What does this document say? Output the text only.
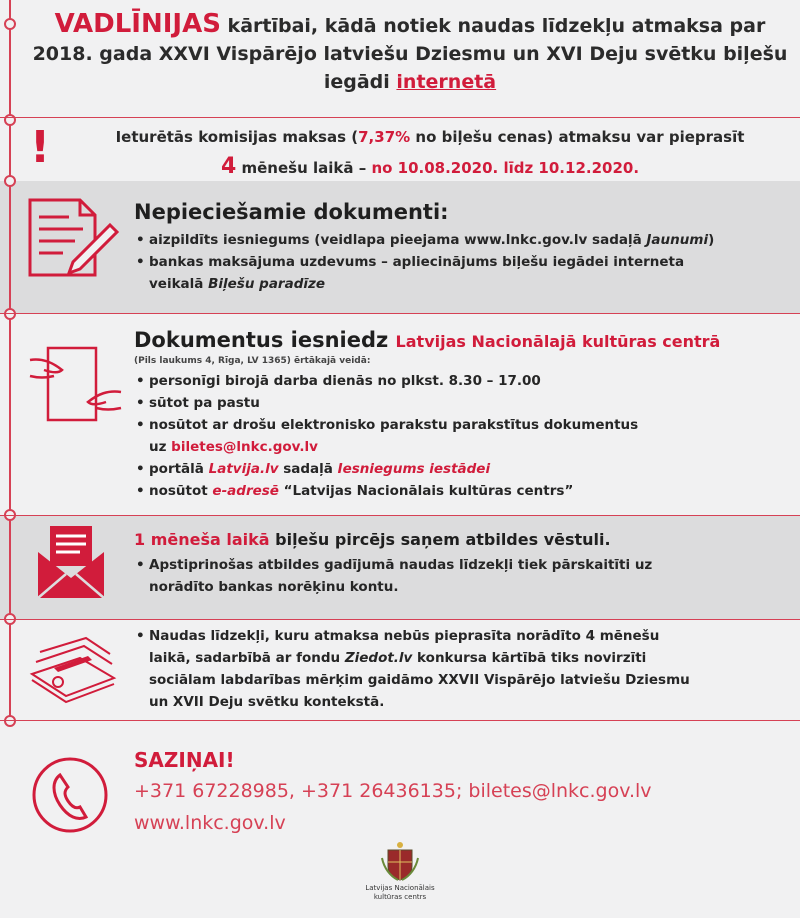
VADLĪNIJAS kārtībai, kādā notiek naudas līdzekļu atmaksa par
2018. gada XXVI Vispārējo latviešu Dziesmu un XVI Deju svētku biļešu
iegādi internetā
!	Ieturētās komisijas maksas (7,37% no biļešu cenas) atmaksu var pieprasīt
4 mēnešu laikā – no 10.08.2020. līdz 10.12.2020.
Nepieciešamie dokumenti:
• aizpildīts iesniegums (veidlapa pieejama www.lnkc.gov.lv sadaļā Jaunumi)
• bankas maksājuma uzdevums – apliecinājums biļešu iegādei interneta
veikalā Biļešu paradīze
Dokumentus iesniedz Latvijas Nacionālajā kultūras centrā
(Pils laukums 4, Rīga, LV 1365) ērtākajā veidā:
• personīgi birojā darba dienās no plkst. 8.30 – 17.00
• sūtot pa pastu
• nosūtot ar drošu elektronisko parakstu parakstītus dokumentus
uz biletes@lnkc.gov.lv
• portālā Latvija.lv sadaļā Iesniegums iestādei
• nosūtot e-adresē “Latvijas Nacionālais kultūras centrs”
1 mēneša laikā biļešu pircējs saņem atbildes vēstuli.
• Apstiprinošas atbildes gadījumā naudas līdzekļi tiek pārskaitīti uz
norādīto bankas norēķinu kontu.
• Naudas līdzekļi, kuru atmaksa nebūs pieprasīta norādīto 4 mēnešu
laikā, sadarbībā ar fondu Ziedot.lv konkursa kārtībā tiks novirzīti
sociālam labdarības mērķim gaidāmo XXVII Vispārējo latviešu Dziesmu
un XVII Deju svētku kontekstā.
SAZIŅAI!
+371 67228985, +371 26436135; biletes@lnkc.gov.lv
www.lnkc.gov.lv
Latvijas Nacionālais
kultūras centrs
